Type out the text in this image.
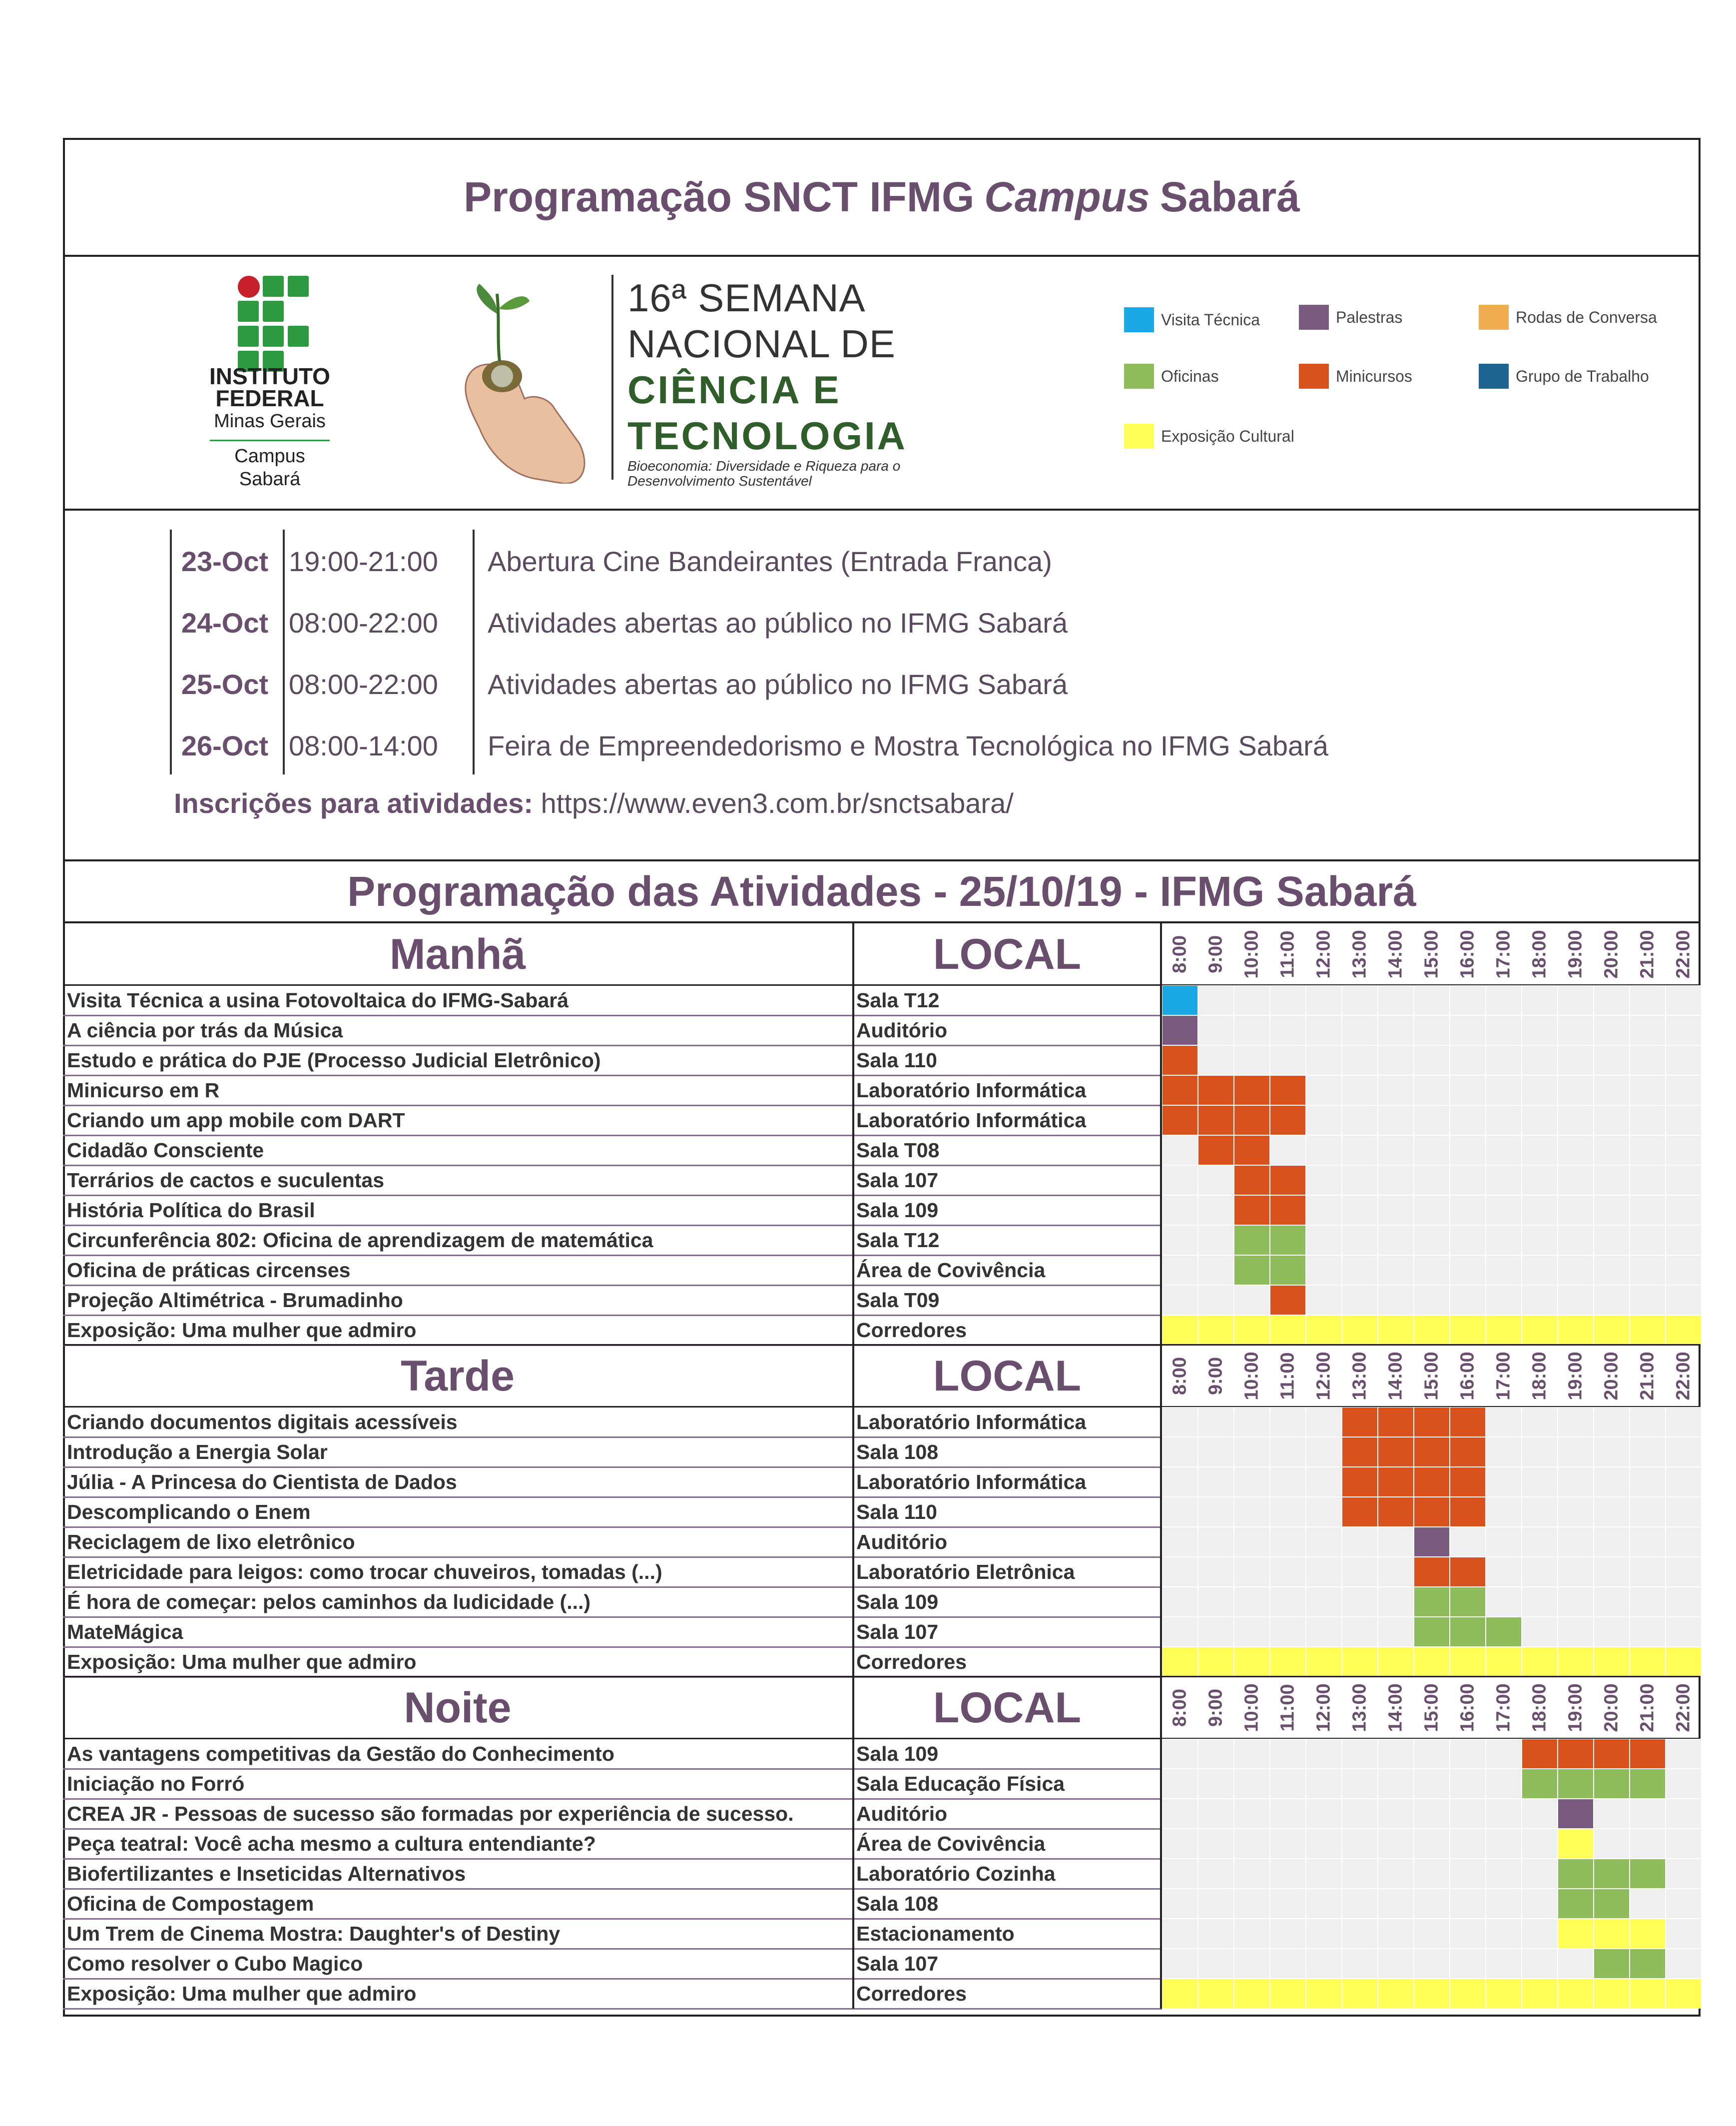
Programação SNCT IFMG Campus Sabará
INSTITUTO
FEDERAL
Minas Gerais
Campus
Sabará
16ª SEMANA
NACIONAL DE
CIÊNCIA E
TECNOLOGIA
Bioeconomia: Diversidade e Riqueza para o
Desenvolvimento Sustentável
Visita Técnica	Palestras	Rodas de Conversa
Oficinas	Minicursos	Grupo de Trabalho
Exposição Cultural
23-Oct 19:00-21:00	Abertura Cine Bandeirantes (Entrada Franca)
24-Oct 08:00-22:00	Atividades abertas ao público no IFMG Sabará
25-Oct 08:00-22:00	Atividades abertas ao público no IFMG Sabará
26-Oct 08:00-14:00	Feira de Empreendedorismo e Mostra Tecnológica no IFMG Sabará
Inscrições para atividades: https://www.even3.com.br/snctsabara/
Programação das Atividades - 25/10/19 - IFMG Sabará
Manhã	LOCAL	8:00 9:00 10:00 11:00 12:00 13:00 14:00 15:00 16:00 17:00 18:00 19:00 20:00 21:00 22:00
Visita Técnica a usina Fotovoltaica do IFMG-Sabará	Sala T12
A ciência por trás da Música	Auditório
Estudo e prática do PJE (Processo Judicial Eletrônico)	Sala 110
Minicurso em R	Laboratório Informática
Criando um app mobile com DART	Laboratório Informática
Cidadão Consciente	Sala T08
Terrários de cactos e suculentas	Sala 107
História Política do Brasil	Sala 109
Circunferência 802: Oficina de aprendizagem de matemática	Sala T12
Oficina de práticas circenses	Área de Covivência
Projeção Altimétrica - Brumadinho	Sala T09
Exposição: Uma mulher que admiro	Corredores
Tarde	LOCAL	8:00 9:00 10:00 11:00 12:00 13:00 14:00 15:00 16:00 17:00 18:00 19:00 20:00 21:00 22:00
Criando documentos digitais acessíveis	Laboratório Informática
Introdução a Energia Solar	Sala 108
Júlia - A Princesa do Cientista de Dados	Laboratório Informática
Descomplicando o Enem	Sala 110
Reciclagem de lixo eletrônico	Auditório
Eletricidade para leigos: como trocar chuveiros, tomadas (...)	Laboratório Eletrônica
É hora de começar: pelos caminhos da ludicidade (...)	Sala 109
MateMágica	Sala 107
Exposição: Uma mulher que admiro	Corredores
Noite	LOCAL	8:00 9:00 10:00 11:00 12:00 13:00 14:00 15:00 16:00 17:00 18:00 19:00 20:00 21:00 22:00
As vantagens competitivas da Gestão do Conhecimento	Sala 109
Iniciação no Forró	Sala Educação Física
CREA JR - Pessoas de sucesso são formadas por experiência de sucesso.	Auditório
Peça teatral: Você acha mesmo a cultura entendiante?	Área de Covivência
Biofertilizantes e Inseticidas Alternativos	Laboratório Cozinha
Oficina de Compostagem	Sala 108
Um Trem de Cinema Mostra: Daughter's of Destiny	Estacionamento
Como resolver o Cubo Magico	Sala 107
Exposição: Uma mulher que admiro	Corredores
